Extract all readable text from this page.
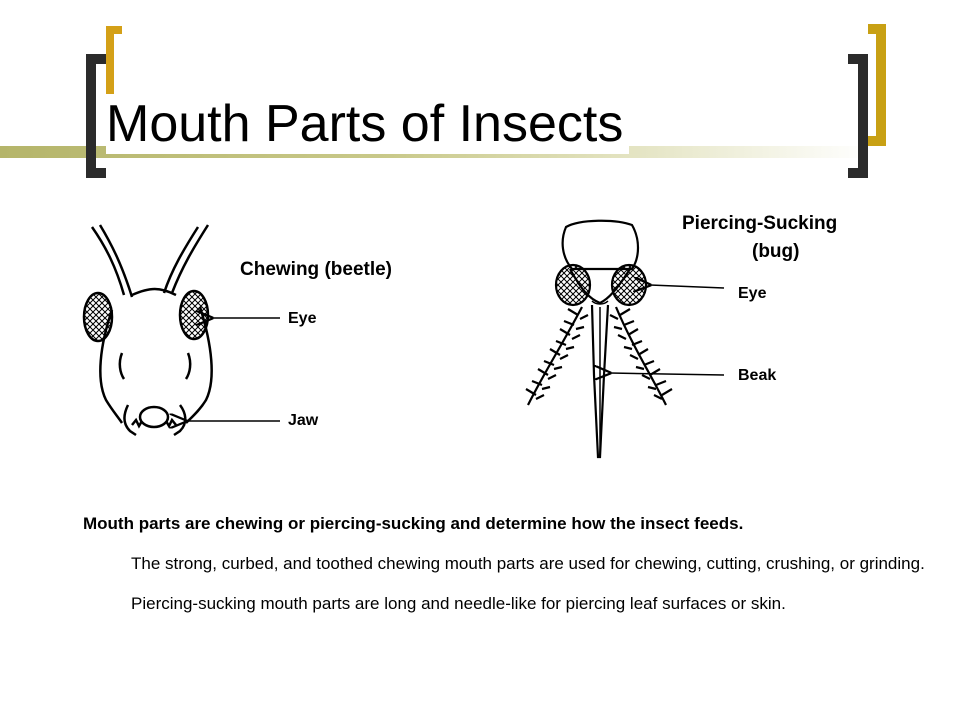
Mouth Parts of Insects
Chewing (beetle)
Eye
Jaw
Piercing-Sucking
(bug)
Eye
Beak

Mouth parts are chewing or piercing-sucking and determine how the insect feeds.

The strong, curbed, and toothed chewing mouth parts are used for chewing, cutting, crushing, or grinding.

Piercing-sucking mouth parts are long and needle-like for piercing leaf surfaces or skin.
